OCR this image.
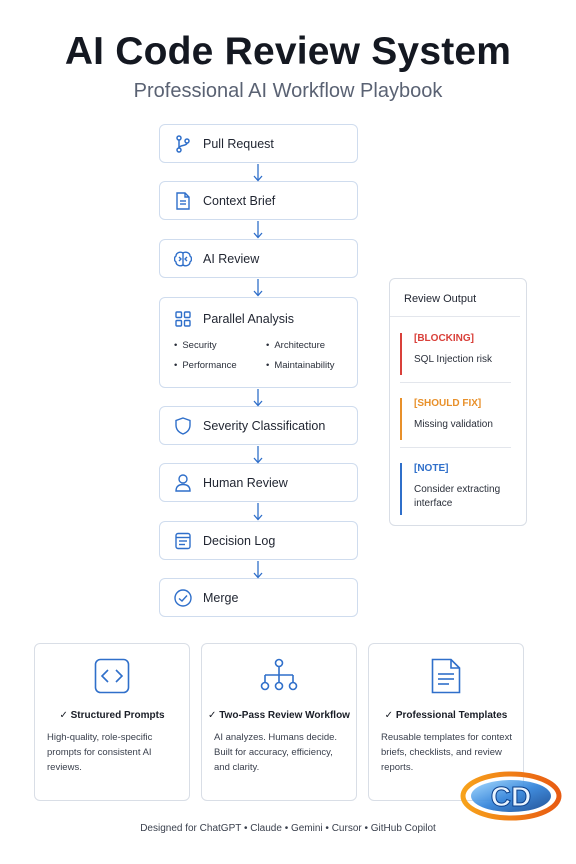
AI Code Review System
Professional AI Workflow Playbook
Pull Request
Context Brief
AI Review
Parallel Analysis
• Security	• Architecture
• Performance	• Maintainability
Severity Classification
Human Review
Decision Log
Merge
Review Output
[BLOCKING]
SQL Injection risk
[SHOULD FIX]
Missing validation
[NOTE]
Consider extracting interface
✓ Structured Prompts
High-quality, role-specific prompts for consistent AI reviews.
✓ Two-Pass Review Workflow
AI analyzes. Humans decide. Built for accuracy, efficiency, and clarity.
✓ Professional Templates
Reusable templates for context briefs, checklists, and review reports.
Designed for ChatGPT • Claude • Gemini • Cursor • GitHub Copilot
CD
